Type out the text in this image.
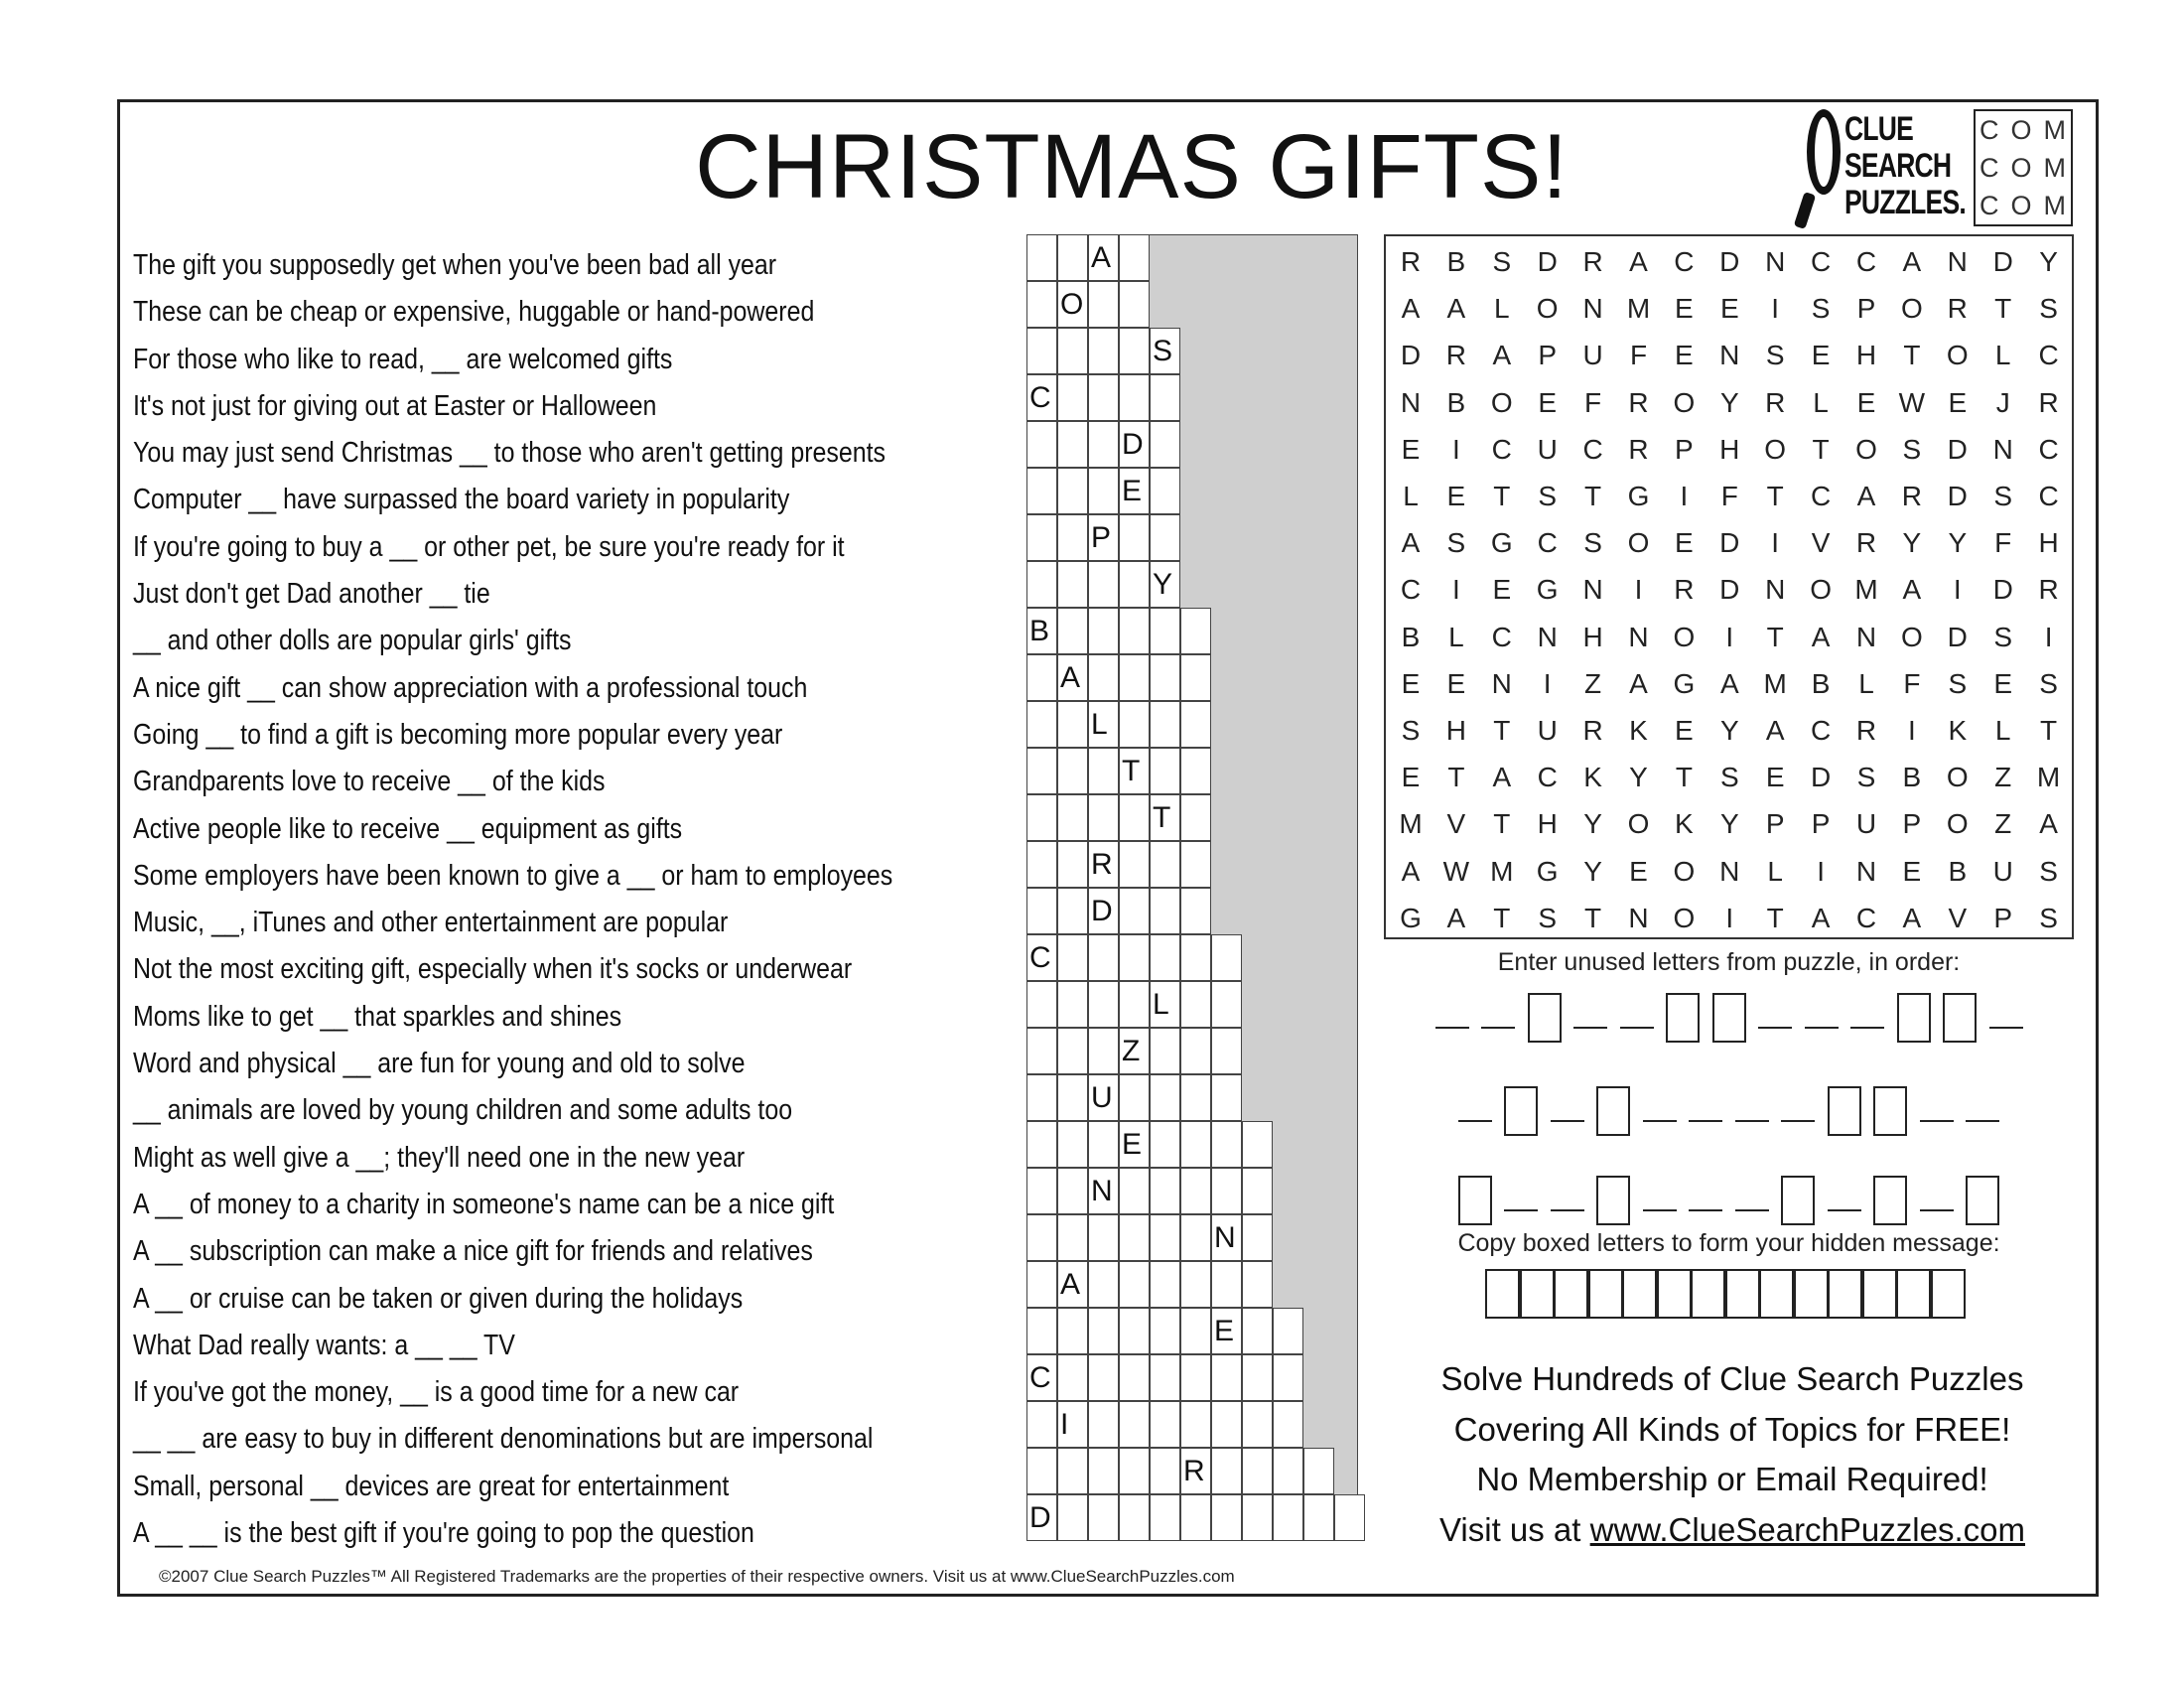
CHRISTMAS GIFTS!	CLUE
SEARCH
PUZZLES.
COM
COM
COM
The gift you supposedly get when you've been bad all year
These can be cheap or expensive, huggable or hand-powered
For those who like to read, __ are welcomed gifts
It's not just for giving out at Easter or Halloween
You may just send Christmas __ to those who aren't getting presents
Computer __ have surpassed the board variety in popularity
If you're going to buy a __ or other pet, be sure you're ready for it
Just don't get Dad another __ tie
__ and other dolls are popular girls' gifts
A nice gift __ can show appreciation with a professional touch
Going __ to find a gift is becoming more popular every year
Grandparents love to receive __ of the kids
Active people like to receive __ equipment as gifts
Some employers have been known to give a __ or ham to employees
Music, __, iTunes and other entertainment are popular
Not the most exciting gift, especially when it's socks or underwear
Moms like to get __ that sparkles and shines
Word and physical __ are fun for young and old to solve
__ animals are loved by young children and some adults too
Might as well give a __; they'll need one in the new year
A __ of money to a charity in someone's name can be a nice gift
A __ subscription can make a nice gift for friends and relatives
A __ or cruise can be taken or given during the holidays
What Dad really wants: a __ __ TV
If you've got the money, __ is a good time for a new car
__ __ are easy to buy in different denominations but are impersonal
Small, personal __ devices are great for entertainment
A __ __ is the best gift if you're going to pop the question
A
O
S
C
D
E
P
Y
B
A
L
T
T
R
D
C
L
Z
U
E
N
N
A
E
C
I
R
D
R B S D R A C D N C C A N D Y
A A	L O N M E E	I	S P O R T	S
D R A P U F	E N S E H T O L	C
N B O E	F R O Y R	L	E W E	J	R
E	I	C U C R P H O T O S D N C
L	E	T	S	T G	I	F	T C A R D S C
A S G C S O E D	I	V R Y Y F H
C	I	E G N	I	R D N O M A	I	D R
B	L	C N H N O	I	T	A N O D S	I
E E N	I	Z	A G A M B	L	F	S E S
S H T U R K E Y A C R	I	K	L	T
E T	A C K Y T	S E D S B O Z M
M V	T H Y O K Y P P U P O Z	A
A W M G Y E O N L	I	N E B U S
G A	T	S	T N O	I	T	A C A V P S
Enter unused letters from puzzle, in order:
Copy boxed letters to form your hidden message:
Solve Hundreds of Clue Search Puzzles
Covering All Kinds of Topics for FREE!
No Membership or Email Required!
Visit us at www.ClueSearchPuzzles.com
©2007 Clue Search Puzzles™ All Registered Trademarks are the properties of their respective owners. Visit us at www.ClueSearchPuzzles.com
